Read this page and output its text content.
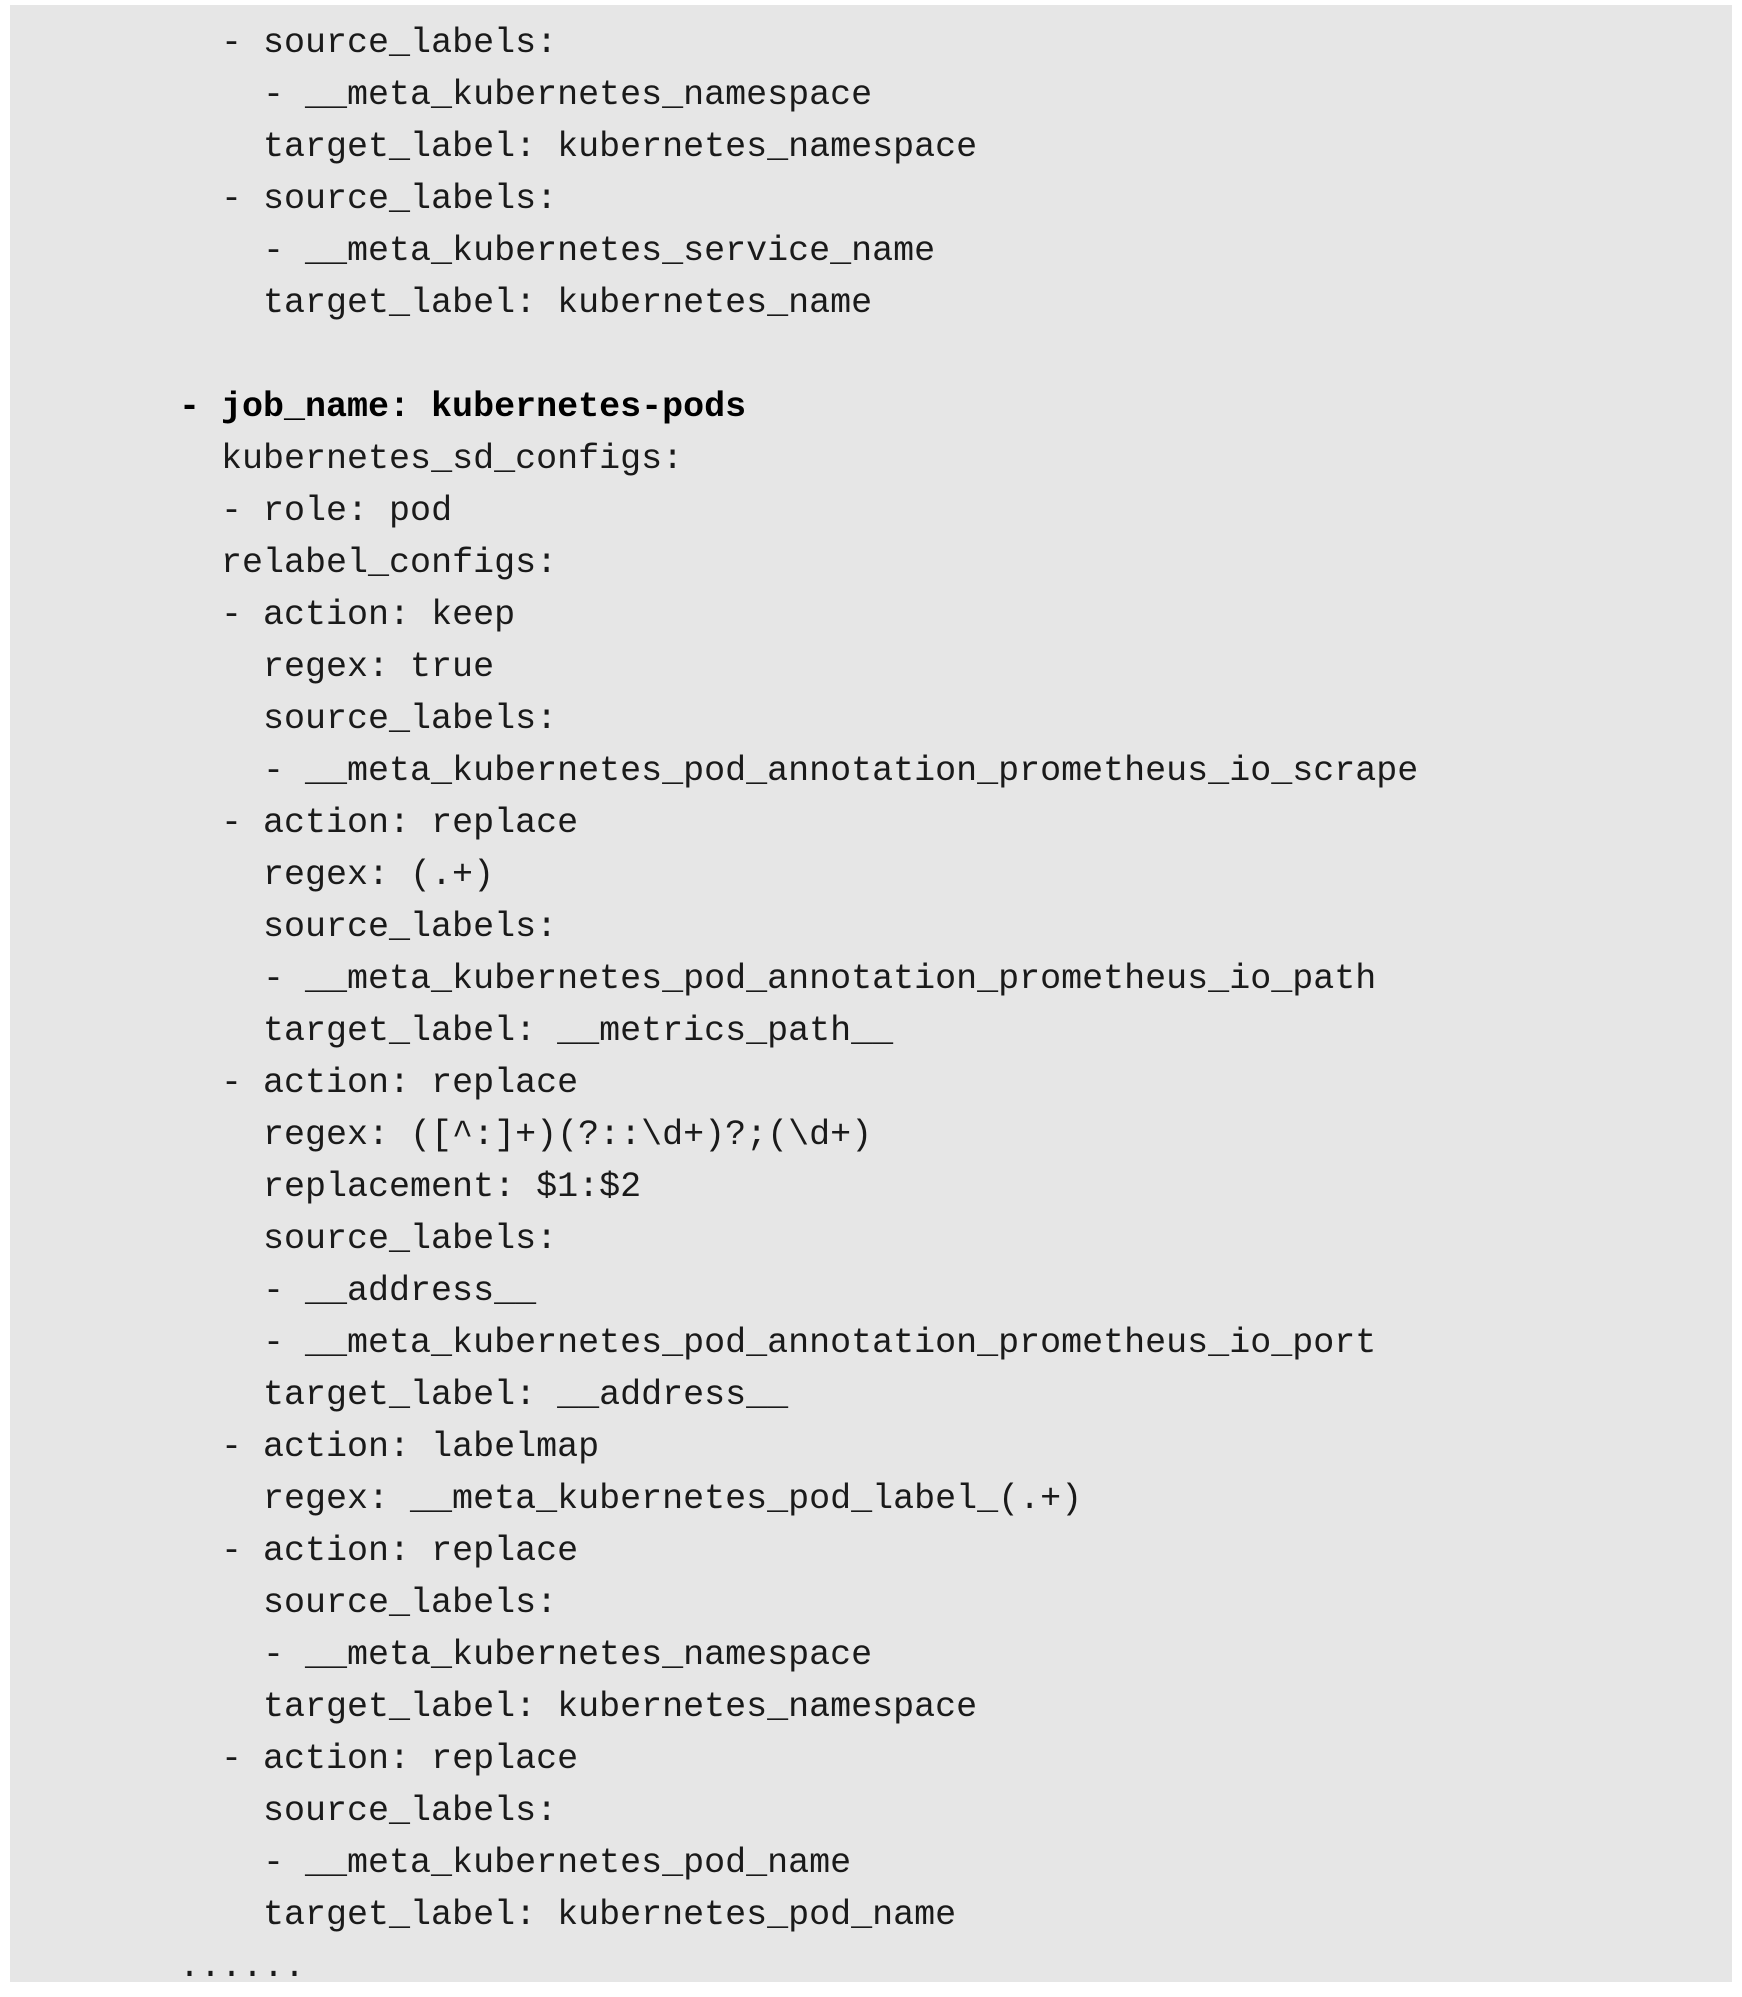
- source_labels:
- __meta_kubernetes_namespace
target_label: kubernetes_namespace
- source_labels:
- __meta_kubernetes_service_name
target_label: kubernetes_name
- job_name: kubernetes-pods
kubernetes_sd_configs:
- role: pod
relabel_configs:
- action: keep
regex: true
source_labels:
- __meta_kubernetes_pod_annotation_prometheus_io_scrape
- action: replace
regex: (.+)
source_labels:
- __meta_kubernetes_pod_annotation_prometheus_io_path
target_label: __metrics_path__
- action: replace
regex: ([^:]+)(?::\d+)?;(\d+)
replacement: $1:$2
source_labels:
- __address__
- __meta_kubernetes_pod_annotation_prometheus_io_port
target_label: __address__
- action: labelmap
regex: __meta_kubernetes_pod_label_(.+)
- action: replace
source_labels:
- __meta_kubernetes_namespace
target_label: kubernetes_namespace
- action: replace
source_labels:
- __meta_kubernetes_pod_name
target_label: kubernetes_pod_name
......
